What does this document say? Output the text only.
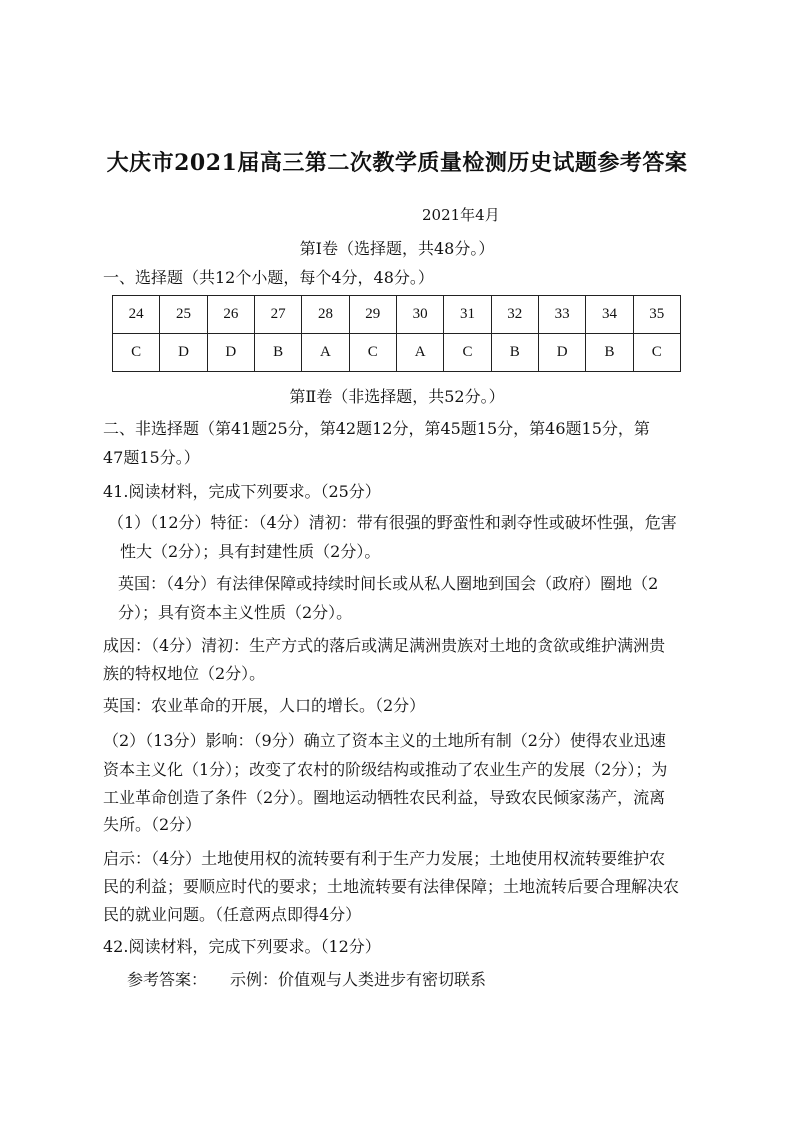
大庆市2021届高三第二次教学质量检测历史试题参考答案
2021年4月
第Ⅰ卷（选择题，共48分。）
一、选择题（共12个小题，每个4分，48分。）
24	25	26	27	28	29	30	31	32	33	34	35
C	D	D	B	A	C	A	C	B	D	B	C
第Ⅱ卷（非选择题，共52分。）
二、非选择题（第41题25分，第42题12分，第45题15分，第46题15分，第
47题15分。）
41.阅读材料，完成下列要求。（25分）
（1）（12分）特征：（4分）清初：带有很强的野蛮性和剥夺性或破坏性强，危害
性大（2分）；具有封建性质（2分）。
英国：（4分）有法律保障或持续时间长或从私人圈地到国会（政府）圈地（2
分）；具有资本主义性质（2分）。
成因：（4分）清初：生产方式的落后或满足满洲贵族对土地的贪欲或维护满洲贵
族的特权地位（2分）。
英国：农业革命的开展，人口的增长。（2分）
（2）（13分）影响：（9分）确立了资本主义的土地所有制（2分）使得农业迅速
资本主义化（1分）；改变了农村的阶级结构或推动了农业生产的发展（2分）；为
工业革命创造了条件（2分）。圈地运动牺牲农民利益，导致农民倾家荡产，流离
失所。（2分）
启示：（4分）土地使用权的流转要有利于生产力发展；土地使用权流转要维护农
民的利益；要顺应时代的要求；土地流转要有法律保障；土地流转后要合理解决农
民的就业问题。（任意两点即得4分）
42.阅读材料，完成下列要求。（12分）
参考答案：	示例：价值观与人类进步有密切联系
